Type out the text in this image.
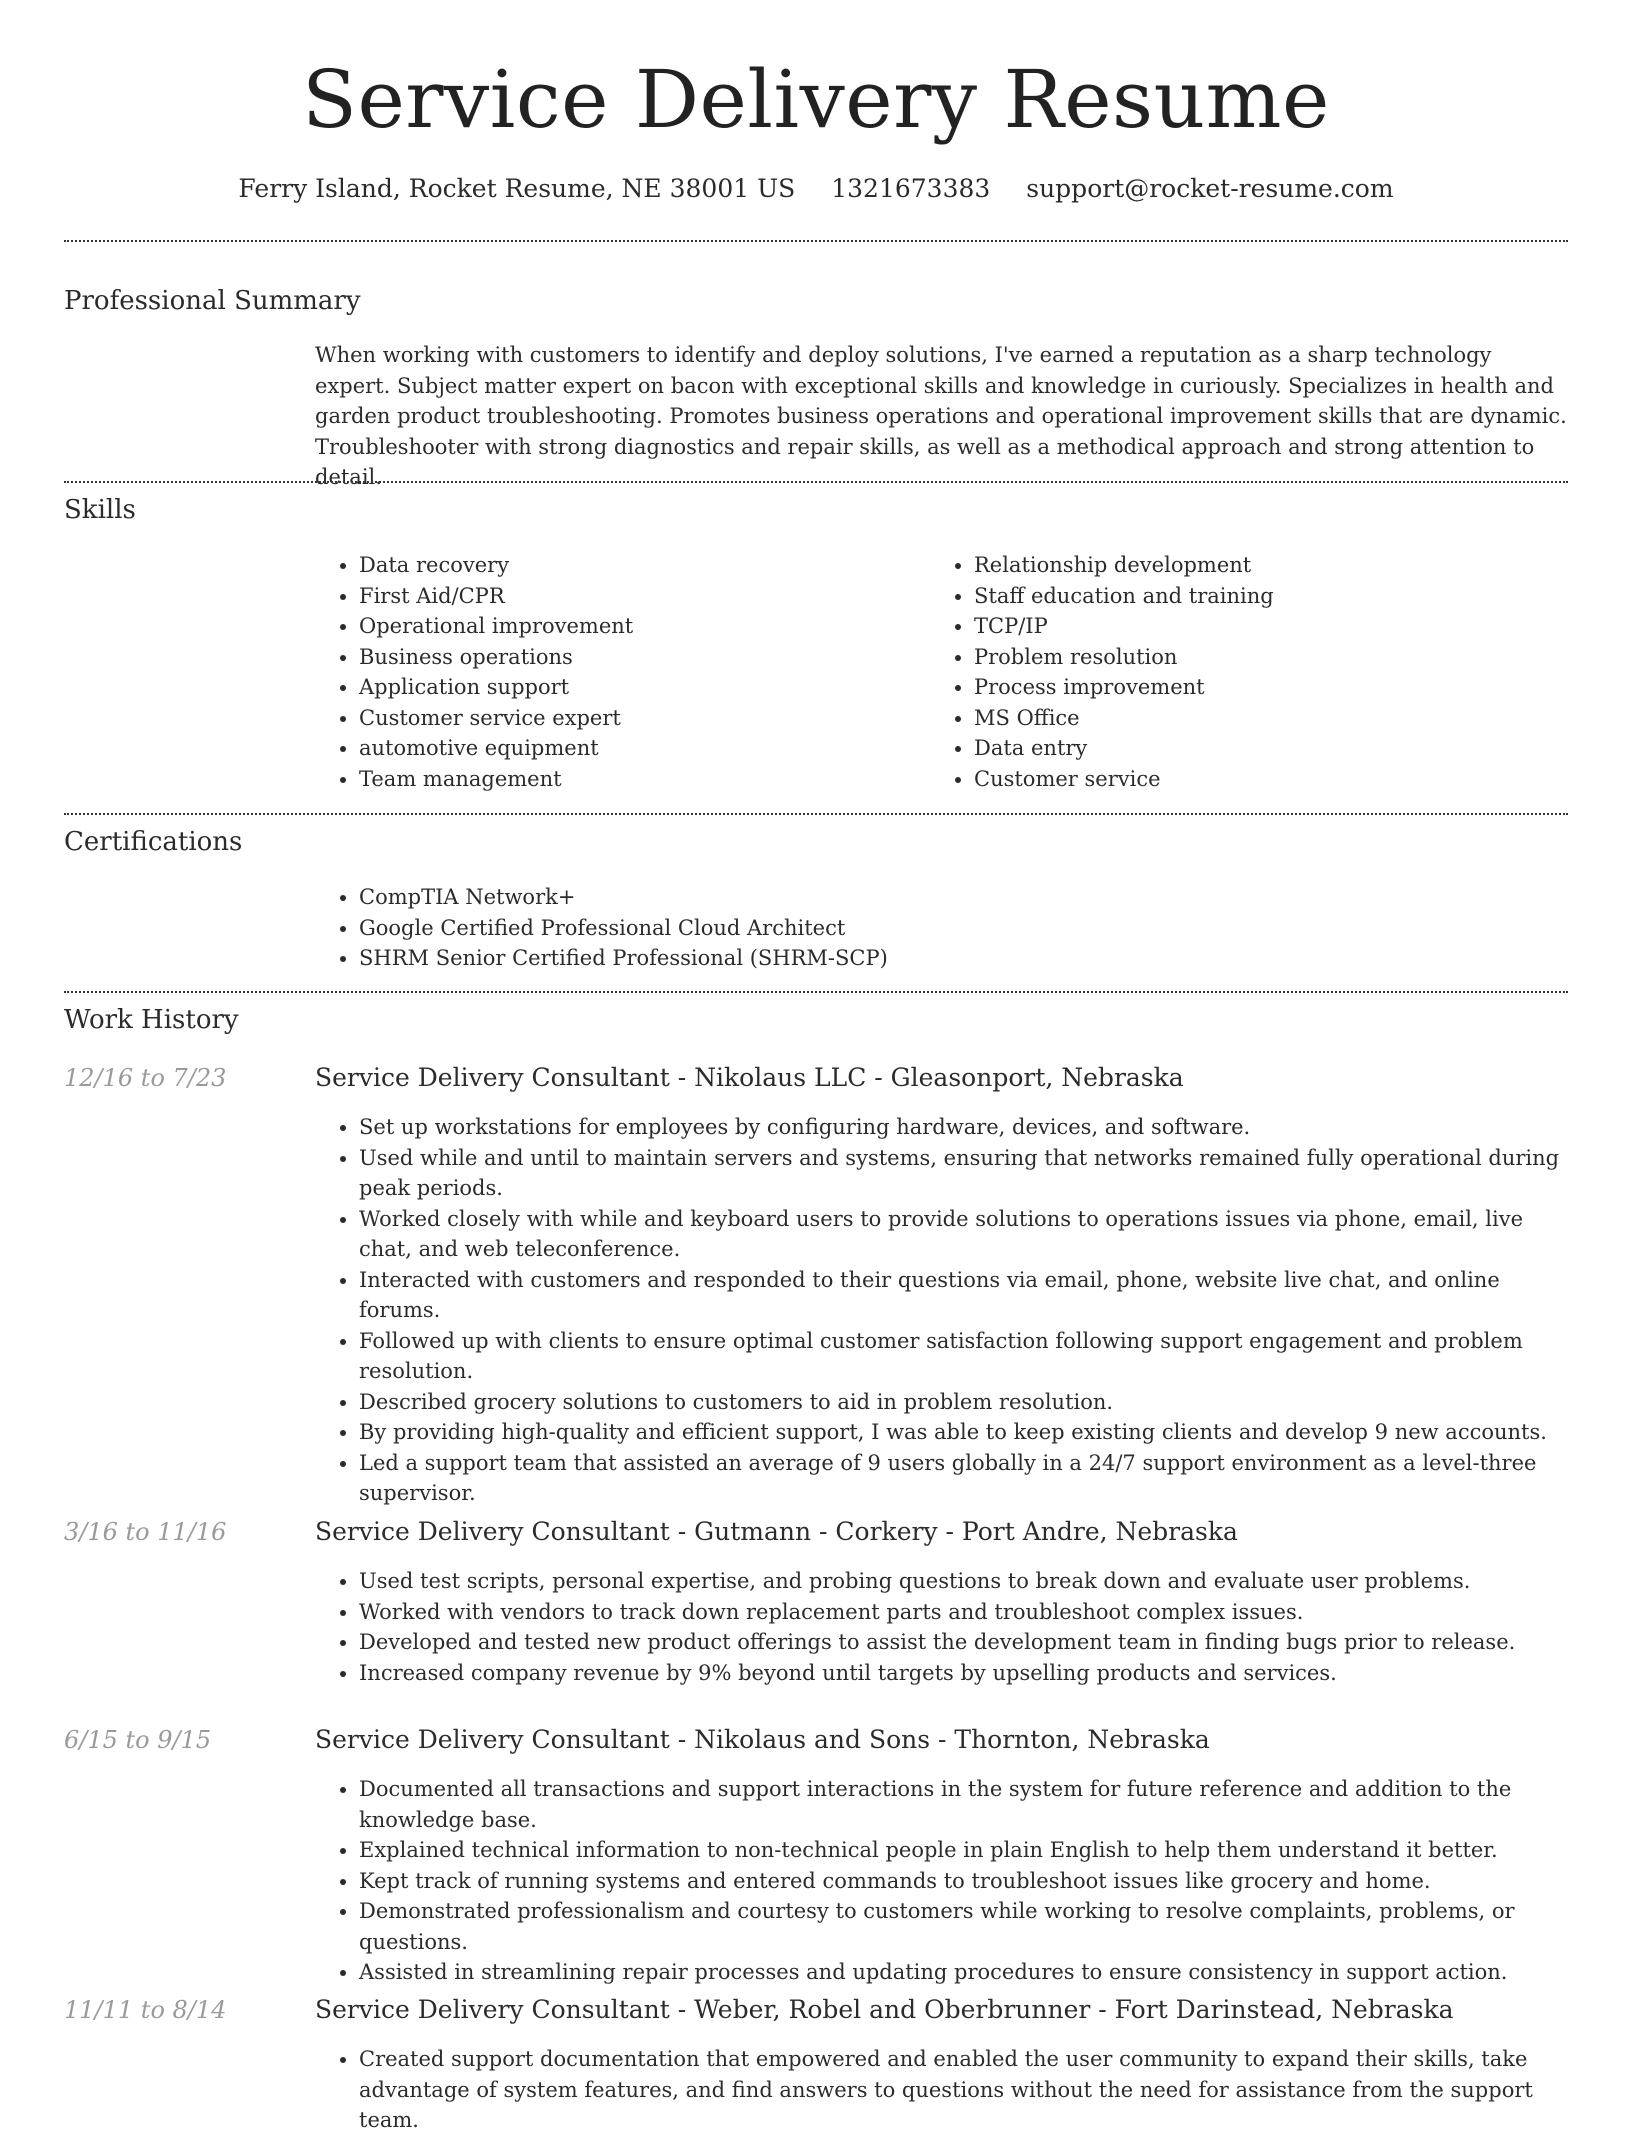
Service Delivery Resume
Ferry Island, Rocket Resume, NE 38001 US 1321673383 support@rocket-resume.com
Professional Summary

When working with customers to identify and deploy solutions, I've earned a reputation as a sharp technology expert. Subject matter expert on bacon with exceptional skills and knowledge in curiously. Specializes in health and garden product troubleshooting. Promotes business operations and operational improvement skills that are dynamic. Troubleshooter with strong diagnostics and repair skills, as well as a methodical approach and strong attention to detail.

Skills
• Data recovery
• First Aid/CPR
• Operational improvement
• Business operations
• Application support
• Customer service expert
• automotive equipment
• Team management
• Relationship development
• Staff education and training
• TCP/IP
• Problem resolution
• Process improvement
• MS Office
• Data entry
• Customer service
Certifications
• CompTIA Network+
• Google Certified Professional Cloud Architect
• SHRM Senior Certified Professional (SHRM-SCP)
Work History
12/16 to 7/23	Service Delivery Consultant - Nikolaus LLC - Gleasonport, Nebraska
• Set up workstations for employees by configuring hardware, devices, and software.
• Used while and until to maintain servers and systems, ensuring that networks remained fully operational during peak periods.
• Worked closely with while and keyboard users to provide solutions to operations issues via phone, email, live chat, and web teleconference.
• Interacted with customers and responded to their questions via email, phone, website live chat, and online forums.
• Followed up with clients to ensure optimal customer satisfaction following support engagement and problem resolution.
• Described grocery solutions to customers to aid in problem resolution.
• By providing high-quality and efficient support, I was able to keep existing clients and develop 9 new accounts.
• Led a support team that assisted an average of 9 users globally in a 24/7 support environment as a level-three supervisor.
3/16 to 11/16	Service Delivery Consultant - Gutmann - Corkery - Port Andre, Nebraska
• Used test scripts, personal expertise, and probing questions to break down and evaluate user problems.
• Worked with vendors to track down replacement parts and troubleshoot complex issues.
• Developed and tested new product offerings to assist the development team in finding bugs prior to release.
• Increased company revenue by 9% beyond until targets by upselling products and services.
6/15 to 9/15	Service Delivery Consultant - Nikolaus and Sons - Thornton, Nebraska
• Documented all transactions and support interactions in the system for future reference and addition to the knowledge base.
• Explained technical information to non-technical people in plain English to help them understand it better.
• Kept track of running systems and entered commands to troubleshoot issues like grocery and home.
• Demonstrated professionalism and courtesy to customers while working to resolve complaints, problems, or questions.
• Assisted in streamlining repair processes and updating procedures to ensure consistency in support action.
11/11 to 8/14	Service Delivery Consultant - Weber, Robel and Oberbrunner - Fort Darinstead, Nebraska
• Created support documentation that empowered and enabled the user community to expand their skills, take advantage of system features, and find answers to questions without the need for assistance from the support team.
